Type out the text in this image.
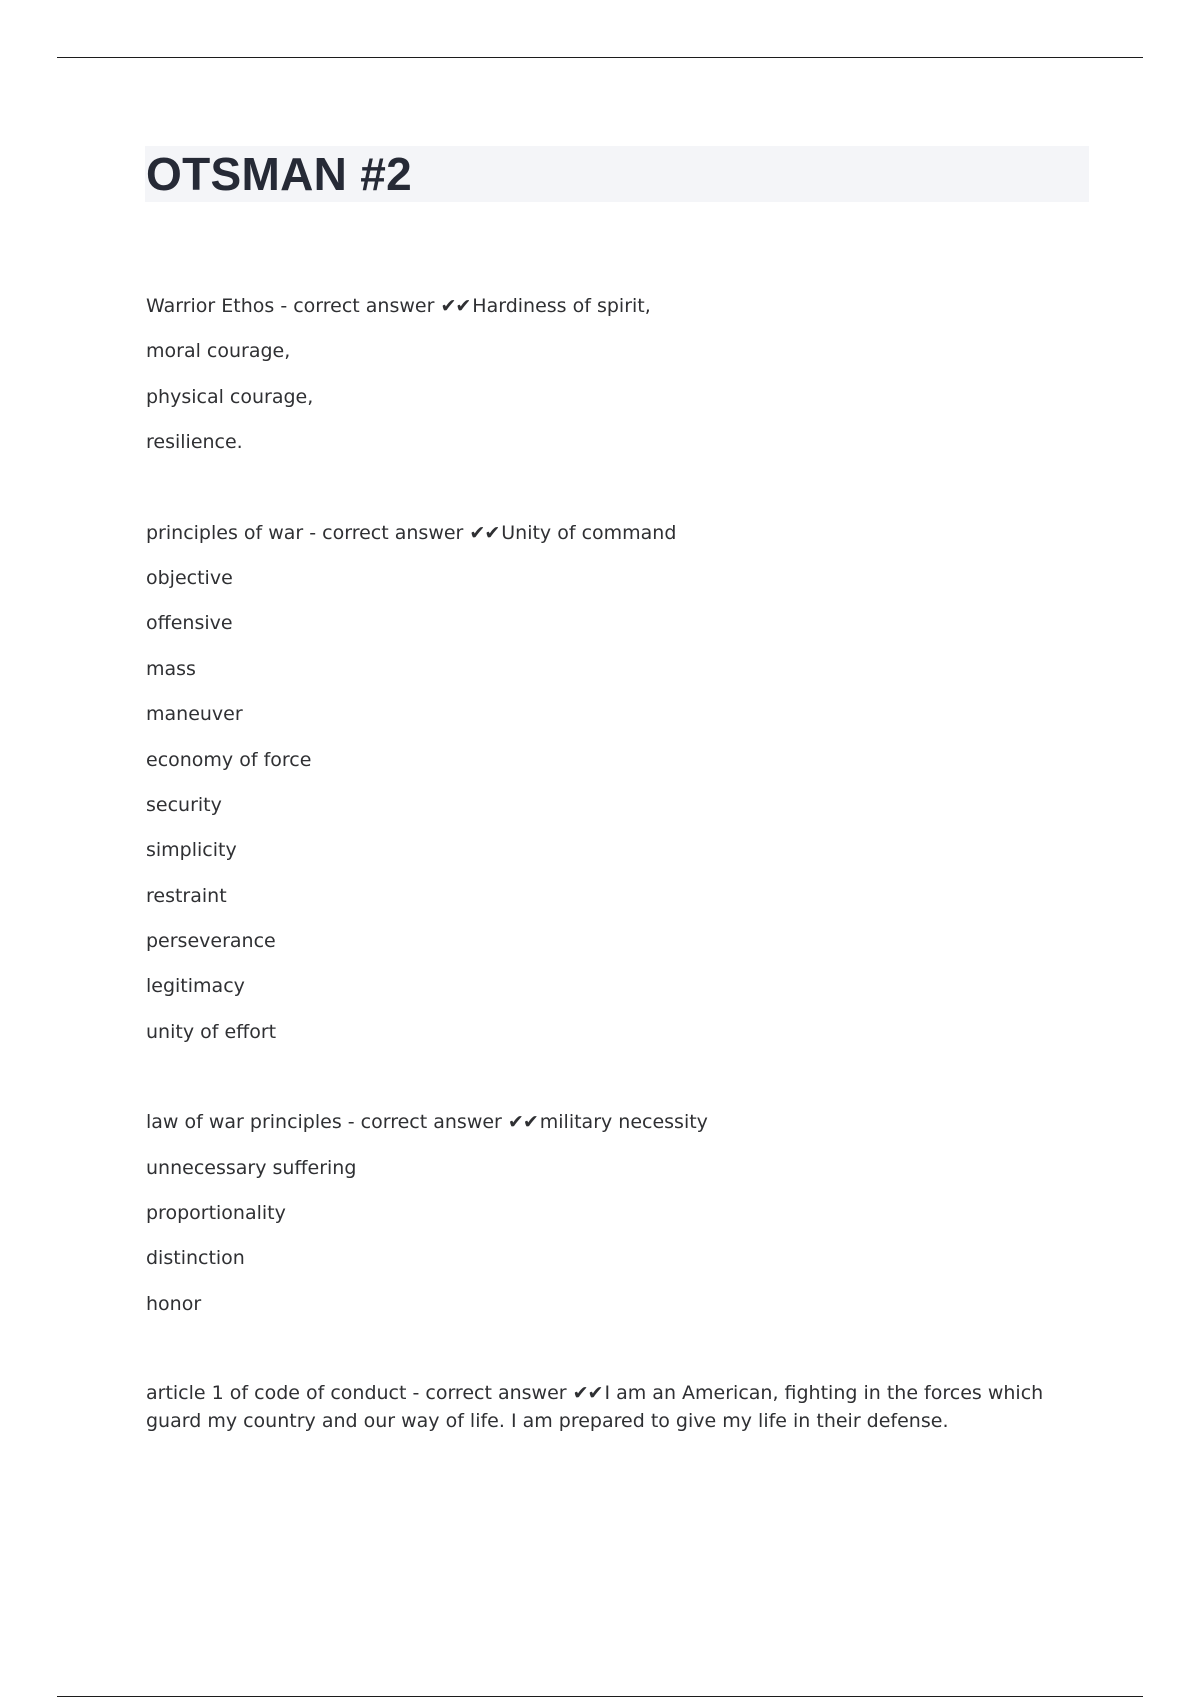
OTSMAN #2
Warrior Ethos - correct answer ✔✔ Hardiness of spirit,
moral courage,
physical courage,
resilience.
principles of war - correct answer ✔✔ Unity of command
objective
offensive
mass
maneuver
economy of force
security
simplicity
restraint
perseverance
legitimacy
unity of effort
law of war principles - correct answer ✔✔ military necessity
unnecessary suffering
proportionality
distinction
honor
article 1 of code of conduct - correct answer ✔✔ I am an American, fighting in the forces which guard my country and our way of life. I am prepared to give my life in their defense.
